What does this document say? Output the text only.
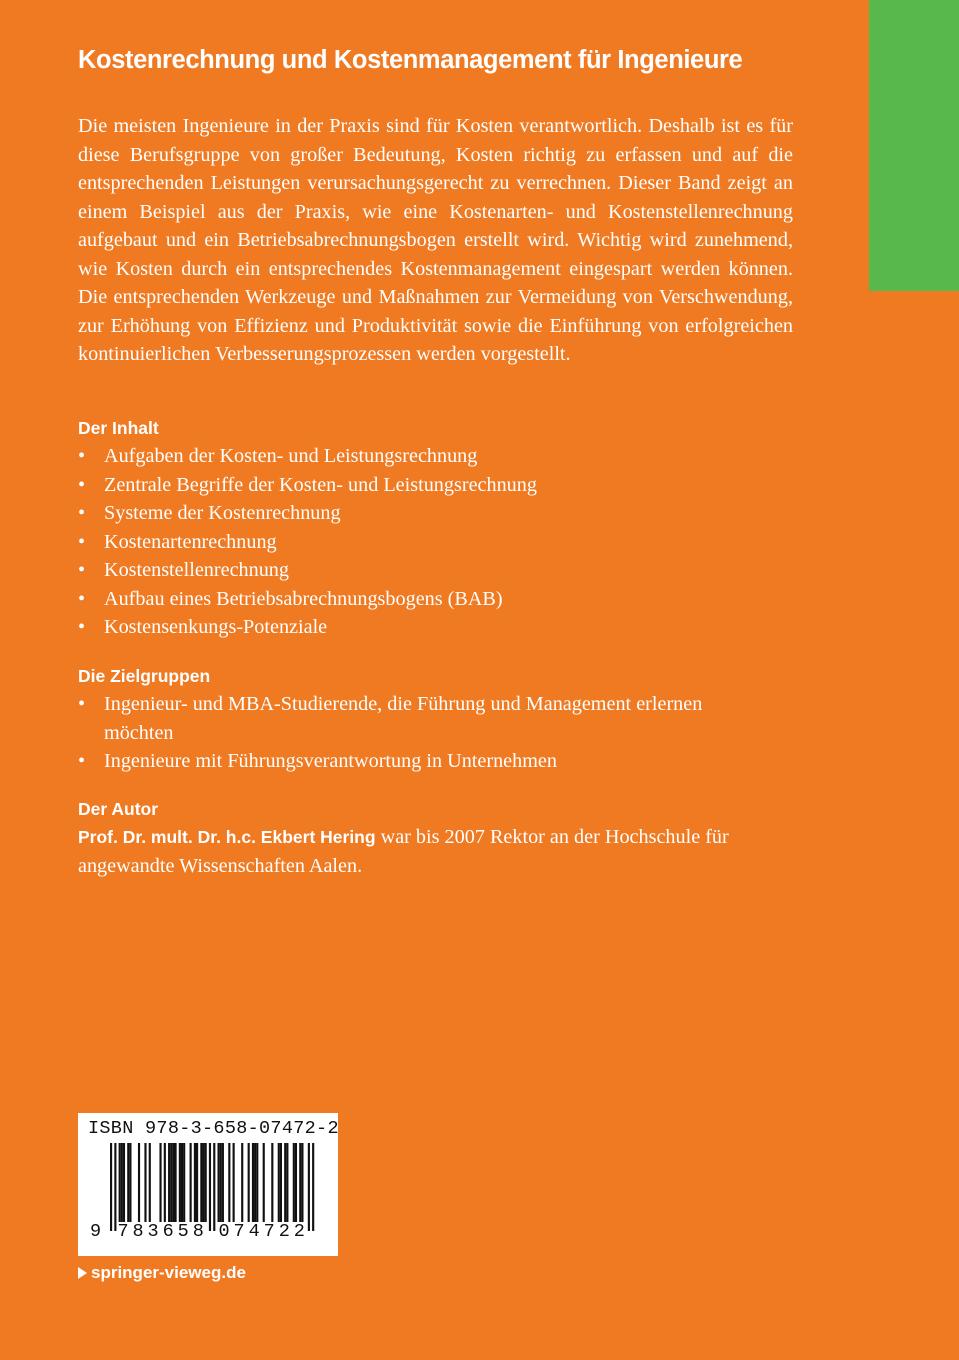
Kostenrechnung und Kostenmanagement für Ingenieure

Die meisten Ingenieure in der Praxis sind für Kosten verantwortlich. Deshalb ist es für diese Berufsgruppe von großer Bedeutung, Kosten richtig zu erfassen und auf die entsprechenden Leistungen verursachungsgerecht zu verrechnen. Dieser Band zeigt an einem Beispiel aus der Praxis, wie eine Kostenarten- und Kostenstellenrechnung aufgebaut und ein Betriebsabrechnungsbogen erstellt wird. Wichtig wird zunehmend, wie Kosten durch ein entsprechendes Kostenmanagement eingespart werden können. Die entsprechenden Werkzeuge und Maßnahmen zur Vermeidung von Verschwendung, zur Erhöhung von Effizienz und Produktivität sowie die Einführung von erfolgreichen kontinuierlichen Verbesserungsprozessen werden vorgestellt.

Der Inhalt
• Aufgaben der Kosten- und Leistungsrechnung
• Zentrale Begriffe der Kosten- und Leistungsrechnung
• Systeme der Kostenrechnung
• Kostenartenrechnung
• Kostenstellenrechnung
• Aufbau eines Betriebsabrechnungsbogens (BAB)
• Kostensenkungs-Potenziale
Die Zielgruppen
• Ingenieur- und MBA-Studierende, die Führung und Management erlernen möchten
• Ingenieure mit Führungsverantwortung in Unternehmen
Der Autor

Prof. Dr. mult. Dr. h.c. Ekbert Hering war bis 2007 Rektor an der Hochschule für angewandte Wissenschaften Aalen.

ISBN 978-3-658-07472-2
9 7 8 3 6 5 8 0 7 4 7 2 2
springer-vieweg.de
